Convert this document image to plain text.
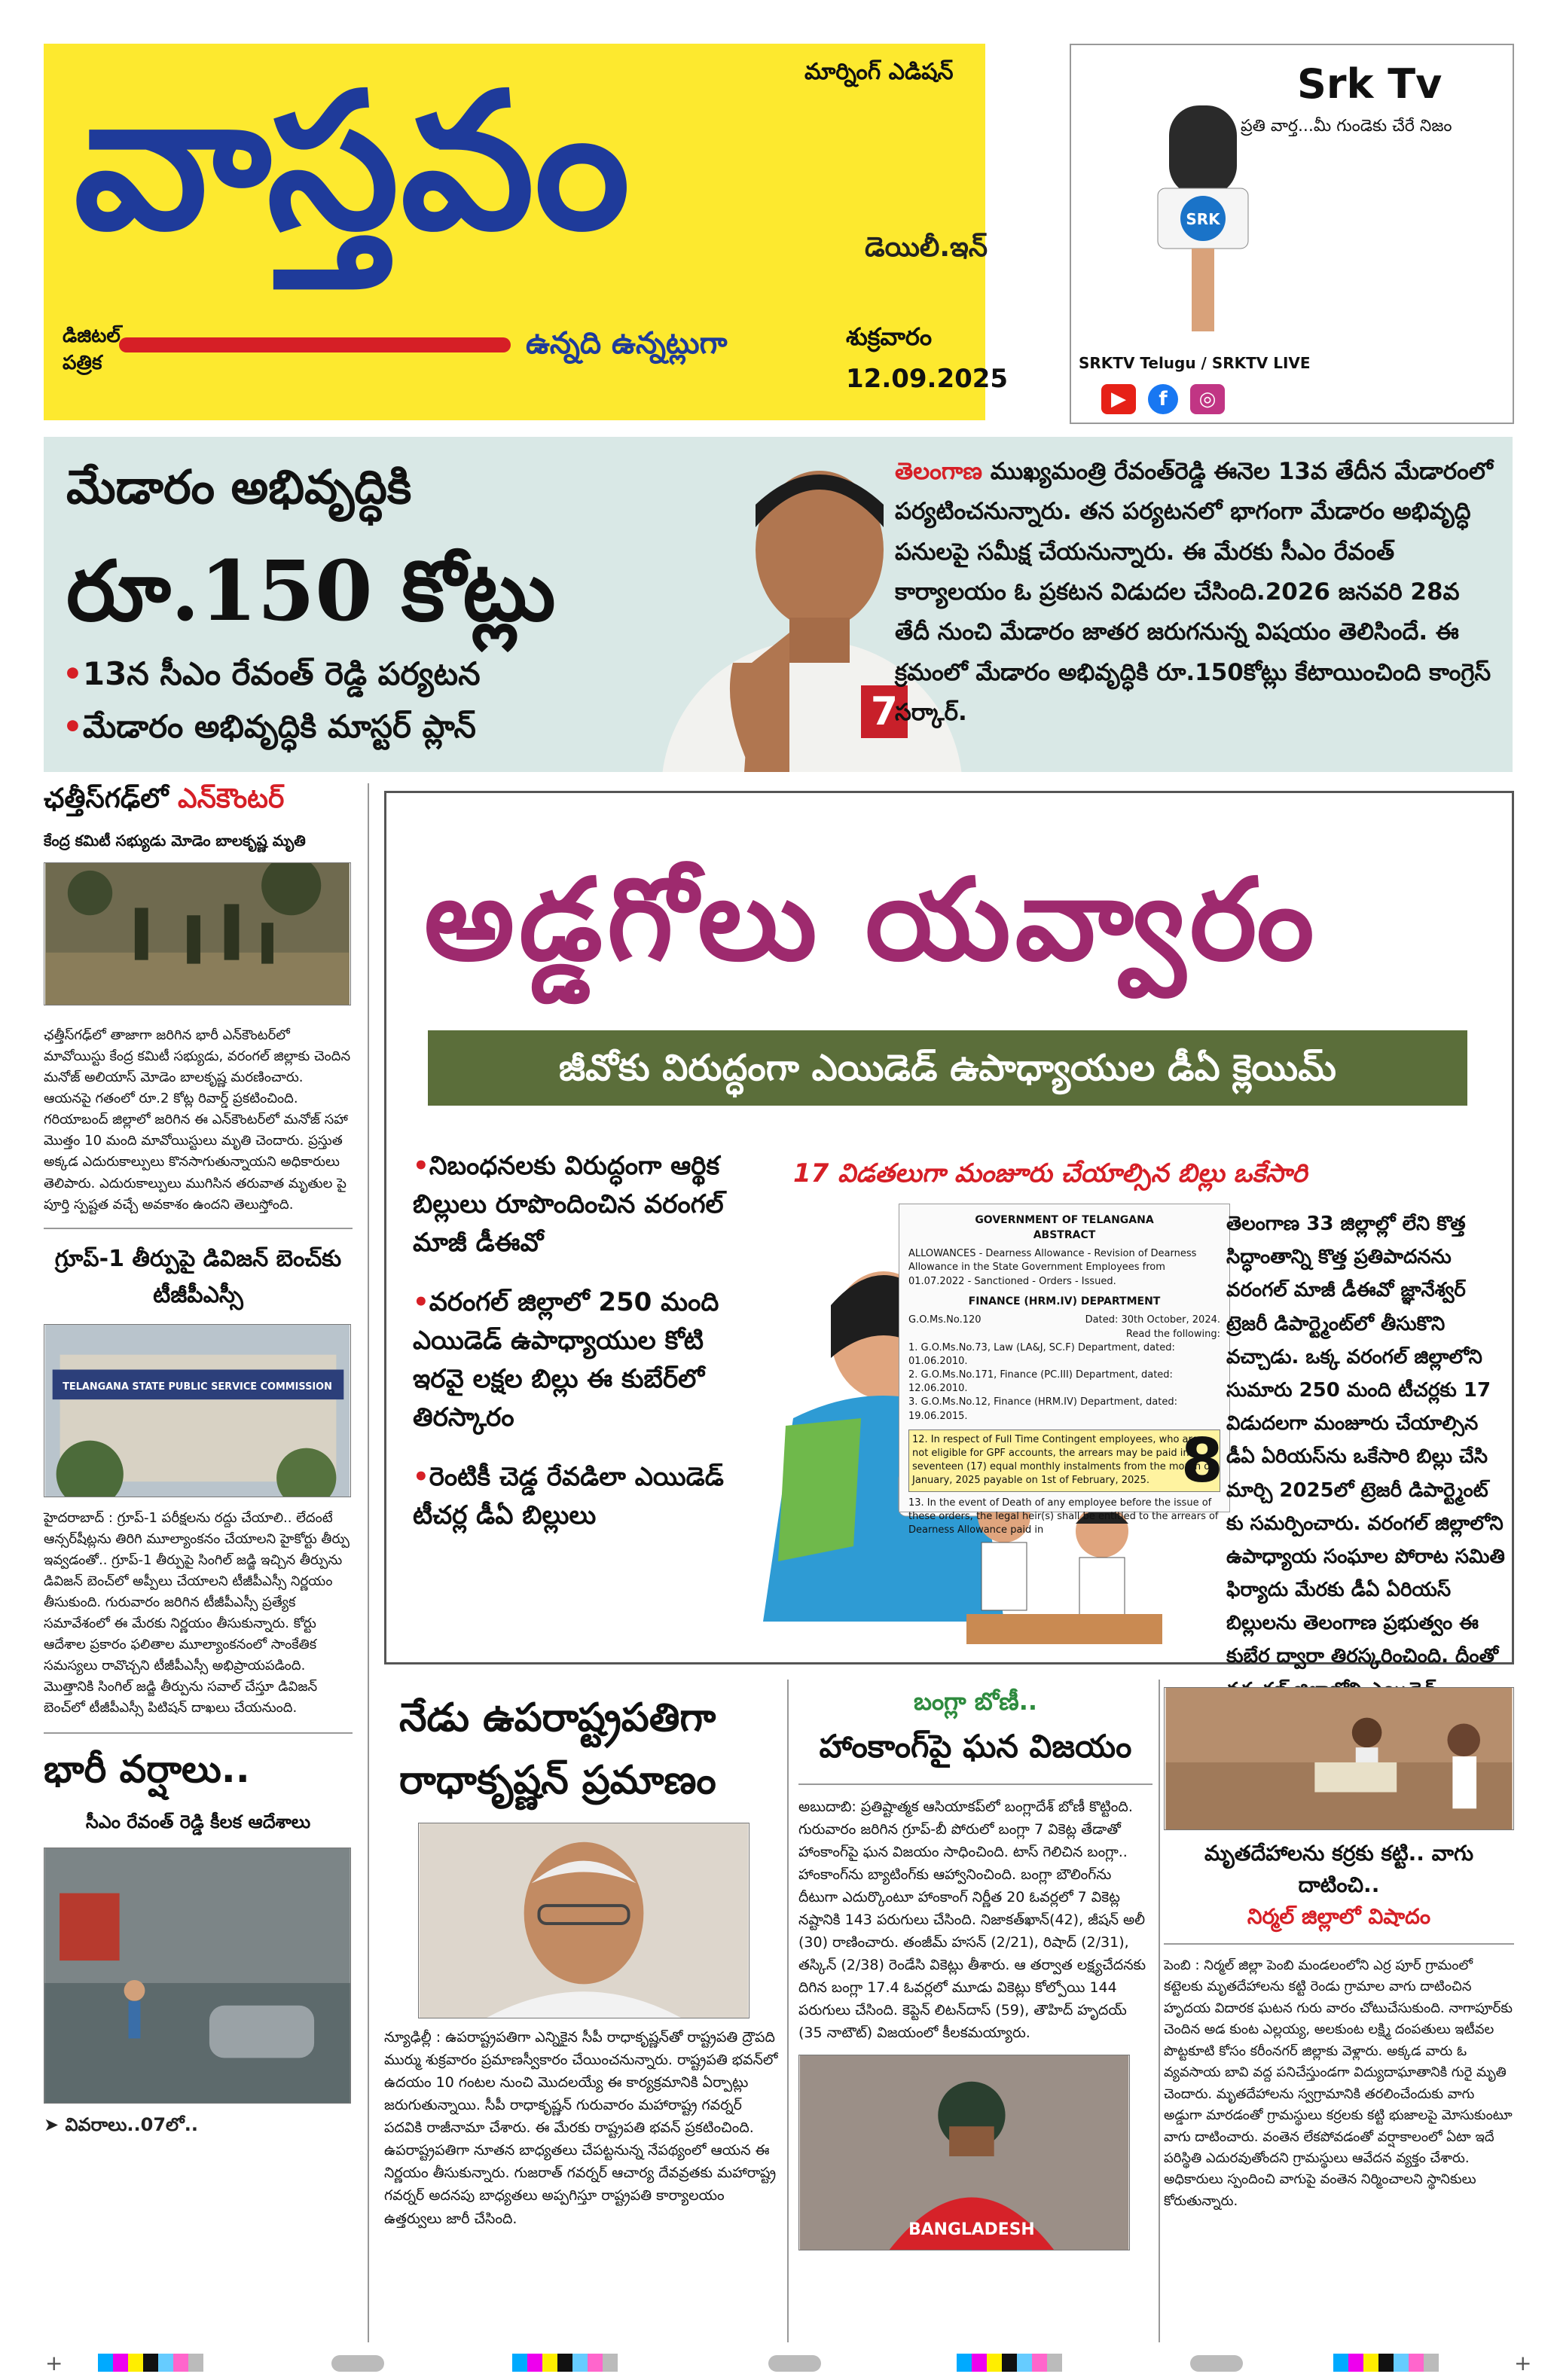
మార్నింగ్ ఎడిషన్
వాస్తవం	డెయిలీ.ఇన్
ఉన్నది ఉన్నట్లుగా
డిజిటల్ పత్రిక
శుక్రవారం
12.09.2025
SRK
Srk Tv
ప్రతి వార్త...మీ గుండెకు చేరే నిజం
SRKTV Telugu / SRKTV LIVE
▶	f	◎
మేడారం అభివృద్ధికి
రూ.150 కోట్లు
•13న సీఎం రేవంత్ రెడ్డి పర్యటన
•మేడారం అభివృద్ధికి మాస్టర్ ప్లాన్	7
తెలంగాణ ముఖ్యమంత్రి రేవంత్‌రెడ్డి ఈనెల 13వ తేదీన మేడారంలో పర్యటించనున్నారు. తన పర్యటనలో భాగంగా మేడారం అభివృద్ధి పనులపై సమీక్ష చేయనున్నారు. ఈ మేరకు సీఎం రేవంత్ కార్యాలయం ఓ ప్రకటన విడుదల చేసింది.2026 జనవరి 28వ తేదీ నుంచి మేడారం జాతర జరుగనున్న విషయం తెలిసిందే. ఈ క్రమంలో మేడారం అభివృద్ధికి రూ.150కోట్లు కేటాయించింది కాంగ్రెస్ సర్కార్.
ఛత్తీస్‌గఢ్‌లో ఎన్‌కౌంటర్
కేంద్ర కమిటీ సభ్యుడు మోడెం బాలకృష్ణ మృతి

ఛత్తీస్‌గఢ్‌లో తాజాగా జరిగిన భారీ ఎన్‌కౌంటర్‌లో మావోయిస్టు కేంద్ర కమిటీ సభ్యుడు, వరంగల్ జిల్లాకు చెందిన మనోజ్ అలియాస్ మోడెం బాలకృష్ణ మరణించారు. ఆయనపై గతంలో రూ.2 కోట్ల రివార్డ్ ప్రకటించింది. గరియాబంద్ జిల్లాలో జరిగిన ఈ ఎన్‌కౌంటర్‌లో మనోజ్ సహా మొత్తం 10 మంది మావోయిస్టులు మృతి చెందారు. ప్రస్తుత అక్కడ ఎదురుకాల్పులు కొనసాగుతున్నాయని అధికారులు తెలిపారు. ఎదురుకాల్పులు ముగిసిన తరువాత మృతుల పై పూర్తి స్పష్టత వచ్చే అవకాశం ఉందని తెలుస్తోంది.

గ్రూప్-1 తీర్పుపై డివిజన్ బెంచ్‌కు టీజీపీఎస్సీ
TELANGANA STATE PUBLIC SERVICE COMMISSION

హైదరాబాద్ : గ్రూప్-1 పరీక్షలను రద్దు చేయాలి.. లేదంటే ఆన్సర్‌షీట్లను తిరిగి మూల్యాంకనం చేయాలని హైకోర్టు తీర్పు ఇవ్వడంతో.. గ్రూప్-1 తీర్పుపై సింగిల్ జడ్జి ఇచ్చిన తీర్పును డివిజన్ బెంచ్‌లో అప్పీలు చేయాలని టీజీపీఎస్సీ నిర్ణయం తీసుకుంది. గురువారం జరిగిన టీజీపీఎస్సీ ప్రత్యేక సమావేశంలో ఈ మేరకు నిర్ణయం తీసుకున్నారు. కోర్టు ఆదేశాల ప్రకారం ఫలితాల మూల్యాంకనంలో సాంకేతిక సమస్యలు రావొచ్చని టీజీపీఎస్సీ అభిప్రాయపడింది. మొత్తానికి సింగిల్ జడ్జి తీర్పును సవాల్ చేస్తూ డివిజన్ బెంచ్‌లో టీజీపీఎస్సీ పిటిషన్ దాఖలు చేయనుంది.

భారీ వర్షాలు..
సీఎం రేవంత్ రెడ్డి కీలక ఆదేశాలు
➤ వివరాలు..07లో..
అడ్డగోలు యవ్వారం
జీవోకు విరుద్ధంగా ఎయిడెడ్ ఉపాధ్యాయుల డీఏ క్లెయిమ్

•నిబంధనలకు విరుద్ధంగా ఆర్థిక బిల్లులు రూపొందించిన వరంగల్ మాజీ డీఈవో

•వరంగల్ జిల్లాలో 250 మంది ఎయిడెడ్ ఉపాధ్యాయుల కోటి ఇరవై లక్షల బిల్లు ఈ కుబేర్‌లో తిరస్కారం

•రెంటికీ చెడ్డ రేవడిలా ఎయిడెడ్ టీచర్ల డీఏ బిల్లులు

17 విడతలుగా మంజూరు చేయాల్సిన బిల్లు ఒకేసారి
GOVERNMENT OF TELANGANA
ABSTRACT

ALLOWANCES - Dearness Allowance - Revision of Dearness Allowance in the State Government Employees from 01.07.2022 - Sanctioned - Orders - Issued.

FINANCE (HRM.IV) DEPARTMENT
G.O.Ms.No.120	Dated: 30th October, 2024.
Read the following:

1. G.O.Ms.No.73, Law (LA&J, SC.F) Department, dated: 01.06.2010.

2. G.O.Ms.No.171, Finance (PC.III) Department, dated: 12.06.2010.

3. G.O.Ms.No.12, Finance (HRM.IV) Department, dated: 19.06.2015.

12. In respect of Full Time Contingent employees, who are not eligible for GPF accounts, the arrears may be paid in seventeen (17) equal monthly instalments from the month of January, 2025 payable on 1st of February, 2025.

13. In the event of Death of any employee before the issue of these orders, the legal heir(s) shall be entitled to the arrears of Dearness Allowance paid in

8
తెలంగాణ 33 జిల్లాల్లో లేని కొత్త సిద్ధాంతాన్ని కొత్త ప్రతిపాదనను వరంగల్ మాజీ డీఈవో జ్ఞానేశ్వర్ ట్రెజరీ డిపార్ట్మెంట్‌లో తీసుకొని వచ్చాడు. ఒక్క వరంగల్ జిల్లాలోని సుమారు 250 మంది టీచర్లకు 17 విడుదలగా మంజూరు చేయాల్సిన డీఏ ఏరియస్‌ను ఒకేసారి బిల్లు చేసి మార్చి 2025లో ట్రెజరీ డిపార్ట్మెంట్ కు సమర్పించారు. వరంగల్ జిల్లాలోని ఉపాధ్యాయ సంఘాల పోరాట సమితి ఫిర్యాదు మేరకు డీఏ ఏరియస్ బిల్లులను తెలంగాణ ప్రభుత్వం ఈ కుబేర ద్వారా తిరస్కరించింది. దీంతో
నేడు ఉపరాష్ట్రపతిగా రాధాకృష్ణన్ ప్రమాణం

న్యూఢిల్లీ : ఉపరాష్ట్రపతిగా ఎన్నికైన సీపీ రాధాకృష్ణన్‌తో రాష్ట్రపతి ద్రౌపది ముర్ము శుక్రవారం ప్రమాణస్వీకారం చేయించనున్నారు. రాష్ట్రపతి భవన్‌లో ఉదయం 10 గంటల నుంచి మొదలయ్యే ఈ కార్యక్రమానికి ఏర్పాట్లు జరుగుతున్నాయి. సీపీ రాధాకృష్ణన్ గురువారం మహారాష్ట్ర గవర్నర్ పదవికి రాజీనామా చేశారు. ఈ మేరకు రాష్ట్రపతి భవన్ ప్రకటించింది. ఉపరాష్ట్రపతిగా నూతన బాధ్యతలు చేపట్టనున్న నేపథ్యంలో ఆయన ఈ నిర్ణయం తీసుకున్నారు. గుజరాత్ గవర్నర్ ఆచార్య దేవవ్రతకు మహారాష్ట్ర గవర్నర్ అదనపు బాధ్యతలు అప్పగిస్తూ రాష్ట్రపతి కార్యాలయం ఉత్తర్వులు జారీ చేసింది.

బంగ్లా బోణీ..
హాంకాంగ్‌పై ఘన విజయం

అబుదాబి: ప్రతిష్టాత్మక ఆసియాకప్‌లో బంగ్లాదేశ్ బోణీ కొట్టింది. గురువారం జరిగిన గ్రూప్-బీ పోరులో బంగ్లా 7 వికెట్ల తేడాతో హాంకాంగ్‌పై ఘన విజయం సాధించింది. టాస్ గెలిచిన బంగ్లా.. హాంకాంగ్‌ను బ్యాటింగ్‌కు ఆహ్వానించింది. బంగ్లా బౌలింగ్‌ను దీటుగా ఎదుర్కొంటూ హాంకాంగ్ నిర్ణీత 20 ఓవర్లలో 7 వికెట్ల నష్టానికి 143 పరుగులు చేసింది. నిజాకత్‌ఖాన్(42), జీషన్ అలీ (30) రాణించారు. తంజీమ్ హసన్ (2/21), రిషాద్ (2/31), తస్కిన్ (2/38) రెండేసి వికెట్లు తీశారు. ఆ తర్వాత లక్ష్యచేదనకు దిగిన బంగ్లా 17.4 ఓవర్లలో మూడు వికెట్లు కోల్పోయి 144 పరుగులు చేసింది. కెప్టెన్ లిటన్‌దాస్ (59), తౌహిద్ హృదయ్ (35 నాటౌట్) విజయంలో కీలకమయ్యారు.

BANGLADESH
మృతదేహాలను కర్రకు కట్టి.. వాగు దాటించి..
నిర్మల్ జిల్లాలో విషాదం

పెంబి : నిర్మల్ జిల్లా పెంబి మండలంలోని ఎర్ర పూర్ గ్రామంలో కట్టెలకు మృతదేహాలను కట్టి రెండు గ్రామాల వాగు దాటించిన హృదయ విదారక ఘటన గురు వారం చోటుచేసుకుంది. నాగాపూర్‌కు చెందిన అడ కుంట ఎల్లయ్య, అలకుంట లక్ష్మి దంపతులు ఇటీవల పొట్టకూటి కోసం కరీంనగర్ జిల్లాకు వెళ్లారు. అక్కడ వారు ఓ వ్యవసాయ బావి వద్ద పనిచేస్తుండగా విద్యుదాఘాతానికి గురై మృతి చెందారు. మృతదేహాలను స్వగ్రామానికి తరలించేందుకు వాగు అడ్డుగా మారడంతో గ్రామస్థులు కర్రలకు కట్టి భుజాలపై మోసుకుంటూ వాగు దాటించారు. వంతెన లేకపోవడంతో వర్షాకాలంలో ఏటా ఇదే పరిస్థితి ఎదురవుతోందని గ్రామస్థులు ఆవేదన వ్యక్తం చేశారు. అధికారులు స్పందించి వాగుపై వంతెన నిర్మించాలని స్థానికులు కోరుతున్నారు.

+	+
